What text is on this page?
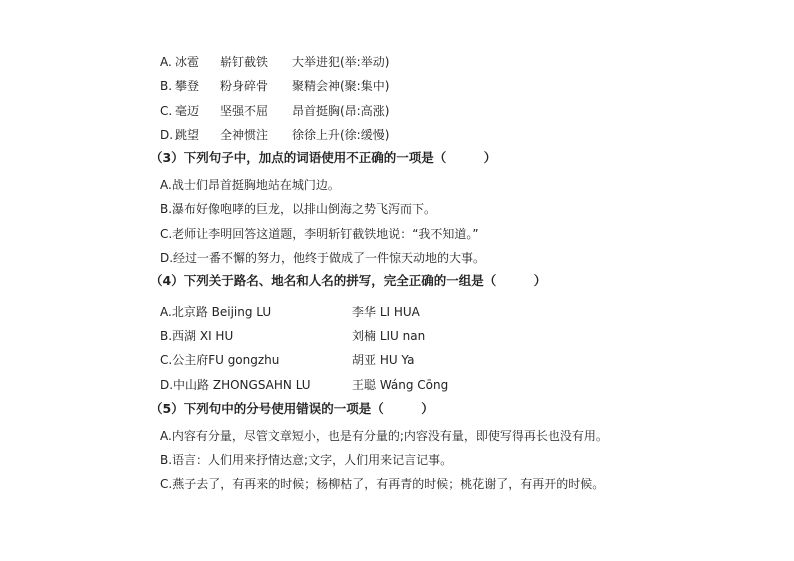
A. 冰雹 崭钉截铁 大举进犯(举:举动)
B. 攀登 粉身碎骨 聚精会神(聚:集中)
C. 毫迈 坚强不屈 昂首挺胸(昂:高涨)
D. 跳望 全神惯注 徐徐上升(徐:缓慢)
（3）下列句子中，加点的词语使用不正确的一项是（　　　）
A.战士们昂首挺胸地站在城门边。
B.瀑布好像咆哮的巨龙，以排山倒海之势飞泻而下。
C.老师让李明回答这道题，李明斩钉截铁地说：“我不知道。”
D.经过一番不懈的努力，他终于做成了一件惊天动地的大事。
（4）下列关于路名、地名和人名的拼写，完全正确的一组是（　　　）
A.北京路 Beijing LU	李华 LI HUA
B.西湖 XI HU	刘楠 LIU nan
C.公主府FU gongzhu	胡亚 HU Ya
D.中山路 ZHONGSAHN LU	王聪 Wáng Cōng
（5）下列句中的分号使用错误的一项是（　　　）
A.内容有分量，尽管文章短小，也是有分量的;内容没有量，即使写得再长也没有用。
B.语言：人们用来抒情达意;文字，人们用来记言记事。
C.燕子去了，有再来的时候；杨柳枯了，有再青的时候；桃花谢了，有再开的时候。
